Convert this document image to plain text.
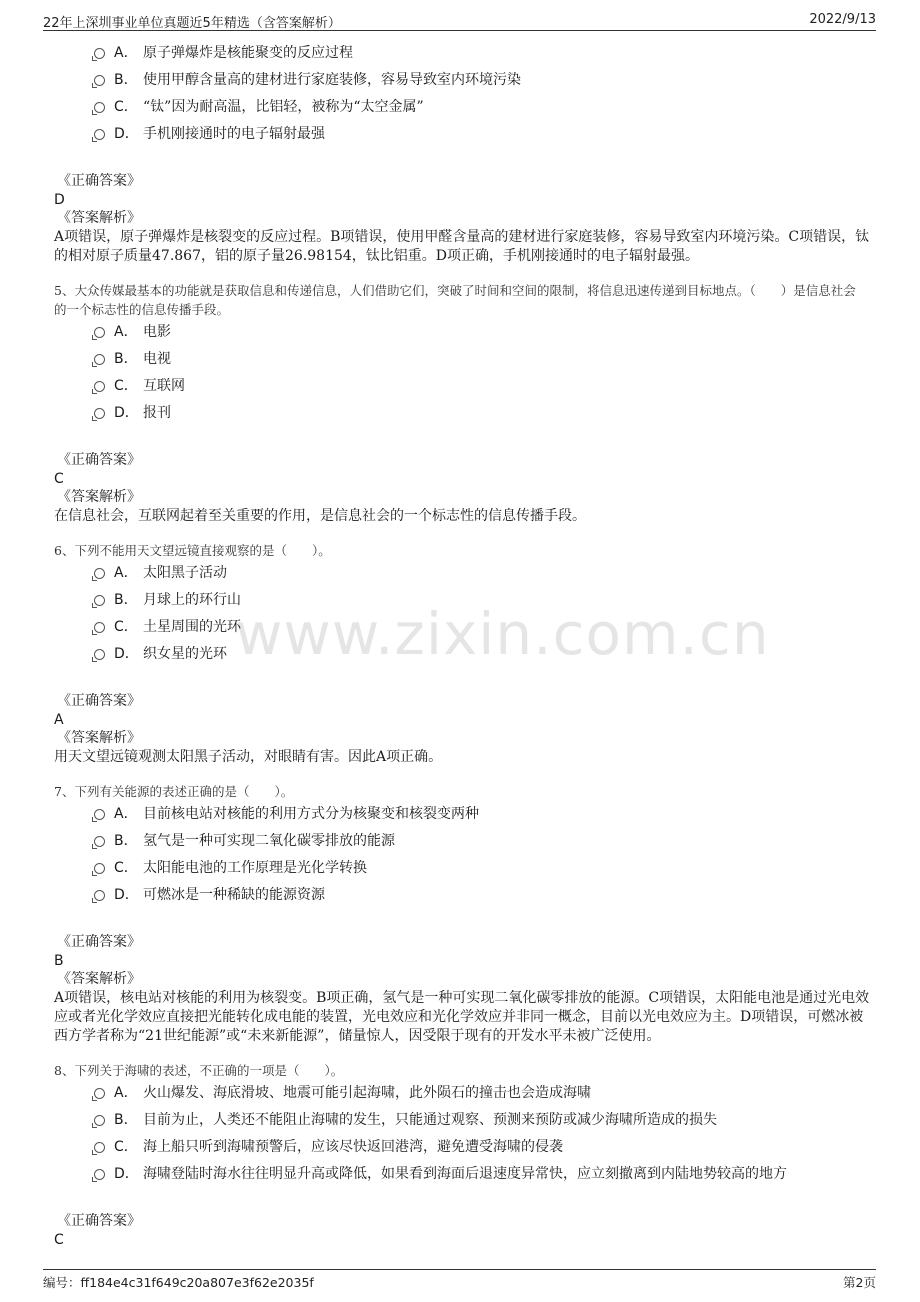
22年上深圳事业单位真题近5年精选（含答案解析）	2022/9/13
www.zixin.com.cn
A． 原子弹爆炸是核能聚变的反应过程
B． 使用甲醇含量高的建材进行家庭装修，容易导致室内环境污染
C． “钛”因为耐高温，比铝轻，被称为“太空金属”
D． 手机刚接通时的电子辐射最强
《正确答案》
D
《答案解析》
A项错误，原子弹爆炸是核裂变的反应过程。B项错误，使用甲醛含量高的建材进行家庭装修，容易导致室内环境污染。C项错误，钛的相对原子质量47.867，铝的原子量26.98154，钛比铝重。D项正确，手机刚接通时的电子辐射最强。
5、大众传媒最基本的功能就是获取信息和传递信息，人们借助它们，突破了时间和空间的限制，将信息迅速传递到目标地点。（　　）是信息社会的一个标志性的信息传播手段。
A． 电影
B． 电视
C． 互联网
D． 报刊
《正确答案》
C
《答案解析》
在信息社会，互联网起着至关重要的作用，是信息社会的一个标志性的信息传播手段。
6、下列不能用天文望远镜直接观察的是（　　）。
A． 太阳黑子活动
B． 月球上的环行山
C． 土星周围的光环
D． 织女星的光环
《正确答案》
A
《答案解析》
用天文望远镜观测太阳黑子活动，对眼睛有害。因此A项正确。
7、下列有关能源的表述正确的是（　　）。
A． 目前核电站对核能的利用方式分为核聚变和核裂变两种
B． 氢气是一种可实现二氧化碳零排放的能源
C． 太阳能电池的工作原理是光化学转换
D． 可燃冰是一种稀缺的能源资源
《正确答案》
B
《答案解析》
A项错误，核电站对核能的利用为核裂变。B项正确，氢气是一种可实现二氧化碳零排放的能源。C项错误，太阳能电池是通过光电效应或者光化学效应直接把光能转化成电能的装置，光电效应和光化学效应并非同一概念，目前以光电效应为主。D项错误，可燃冰被西方学者称为“21世纪能源”或“未来新能源”，储量惊人，因受限于现有的开发水平未被广泛使用。
8、下列关于海啸的表述，不正确的一项是（　　）。
A． 火山爆发、海底滑坡、地震可能引起海啸，此外陨石的撞击也会造成海啸
B． 目前为止，人类还不能阻止海啸的发生，只能通过观察、预测来预防或减少海啸所造成的损失
C． 海上船只听到海啸预警后，应该尽快返回港湾，避免遭受海啸的侵袭
D． 海啸登陆时海水往往明显升高或降低，如果看到海面后退速度异常快，应立刻撤离到内陆地势较高的地方
《正确答案》
C
编号：ff184e4c31f649c20a807e3f62e2035f	第2页
